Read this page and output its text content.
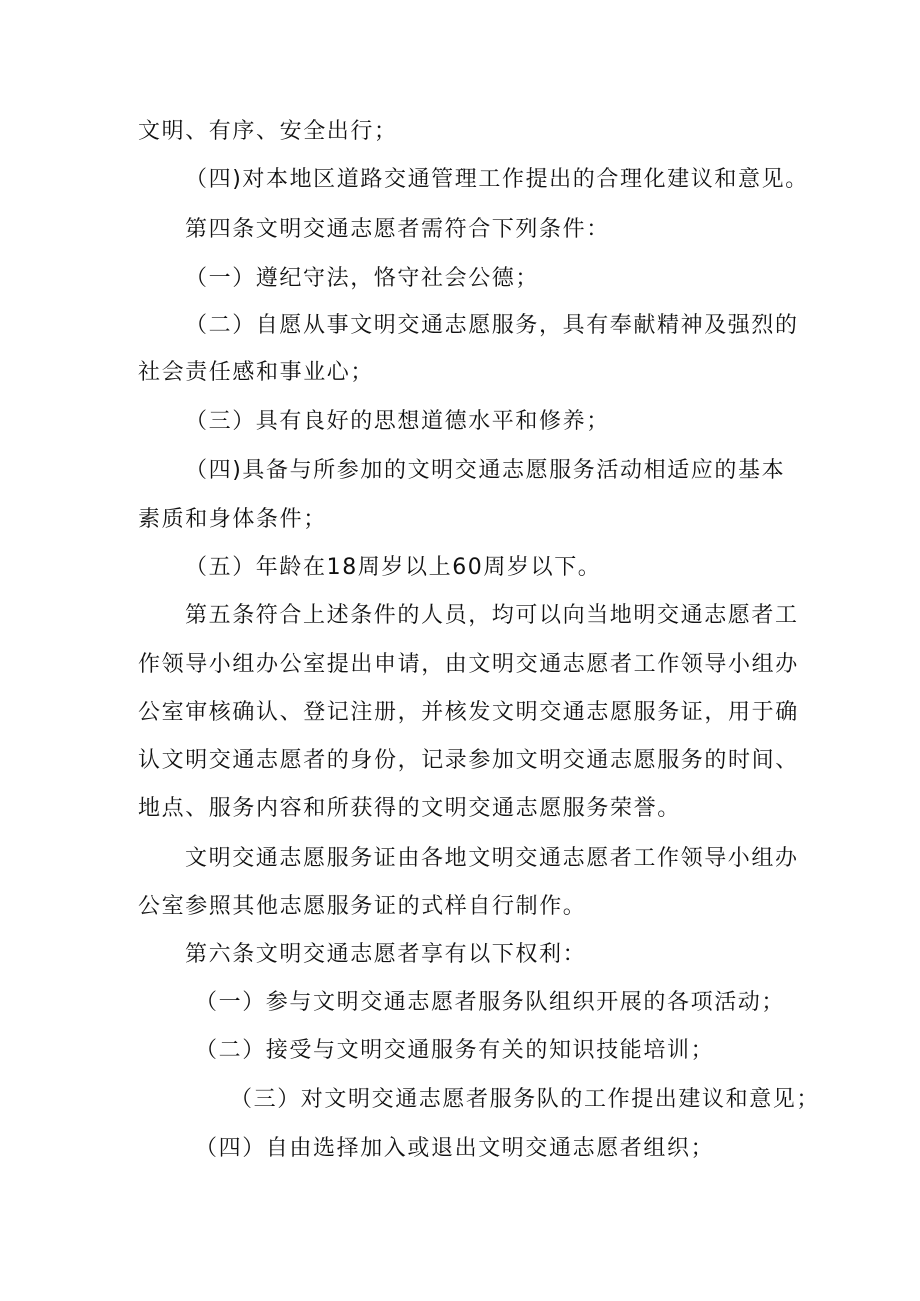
文明、有序、安全出行；
（四)对本地区道路交通管理工作提出的合理化建议和意见。
第四条文明交通志愿者需符合下列条件：
（一）遵纪守法，恪守社会公德；
（二）自愿从事文明交通志愿服务，具有奉献精神及强烈的
社会责任感和事业心；
（三）具有良好的思想道德水平和修养；
（四)具备与所参加的文明交通志愿服务活动相适应的基本
素质和身体条件；
（五）年龄在18周岁以上60周岁以下。
第五条符合上述条件的人员，均可以向当地明交通志愿者工
作领导小组办公室提出申请，由文明交通志愿者工作领导小组办
公室审核确认、登记注册，并核发文明交通志愿服务证，用于确
认文明交通志愿者的身份，记录参加文明交通志愿服务的时间、
地点、服务内容和所获得的文明交通志愿服务荣誉。
文明交通志愿服务证由各地文明交通志愿者工作领导小组办
公室参照其他志愿服务证的式样自行制作。
第六条文明交通志愿者享有以下权利：
（一）参与文明交通志愿者服务队组织开展的各项活动；
（二）接受与文明交通服务有关的知识技能培训；
（三）对文明交通志愿者服务队的工作提出建议和意见；
（四）自由选择加入或退出文明交通志愿者组织；
